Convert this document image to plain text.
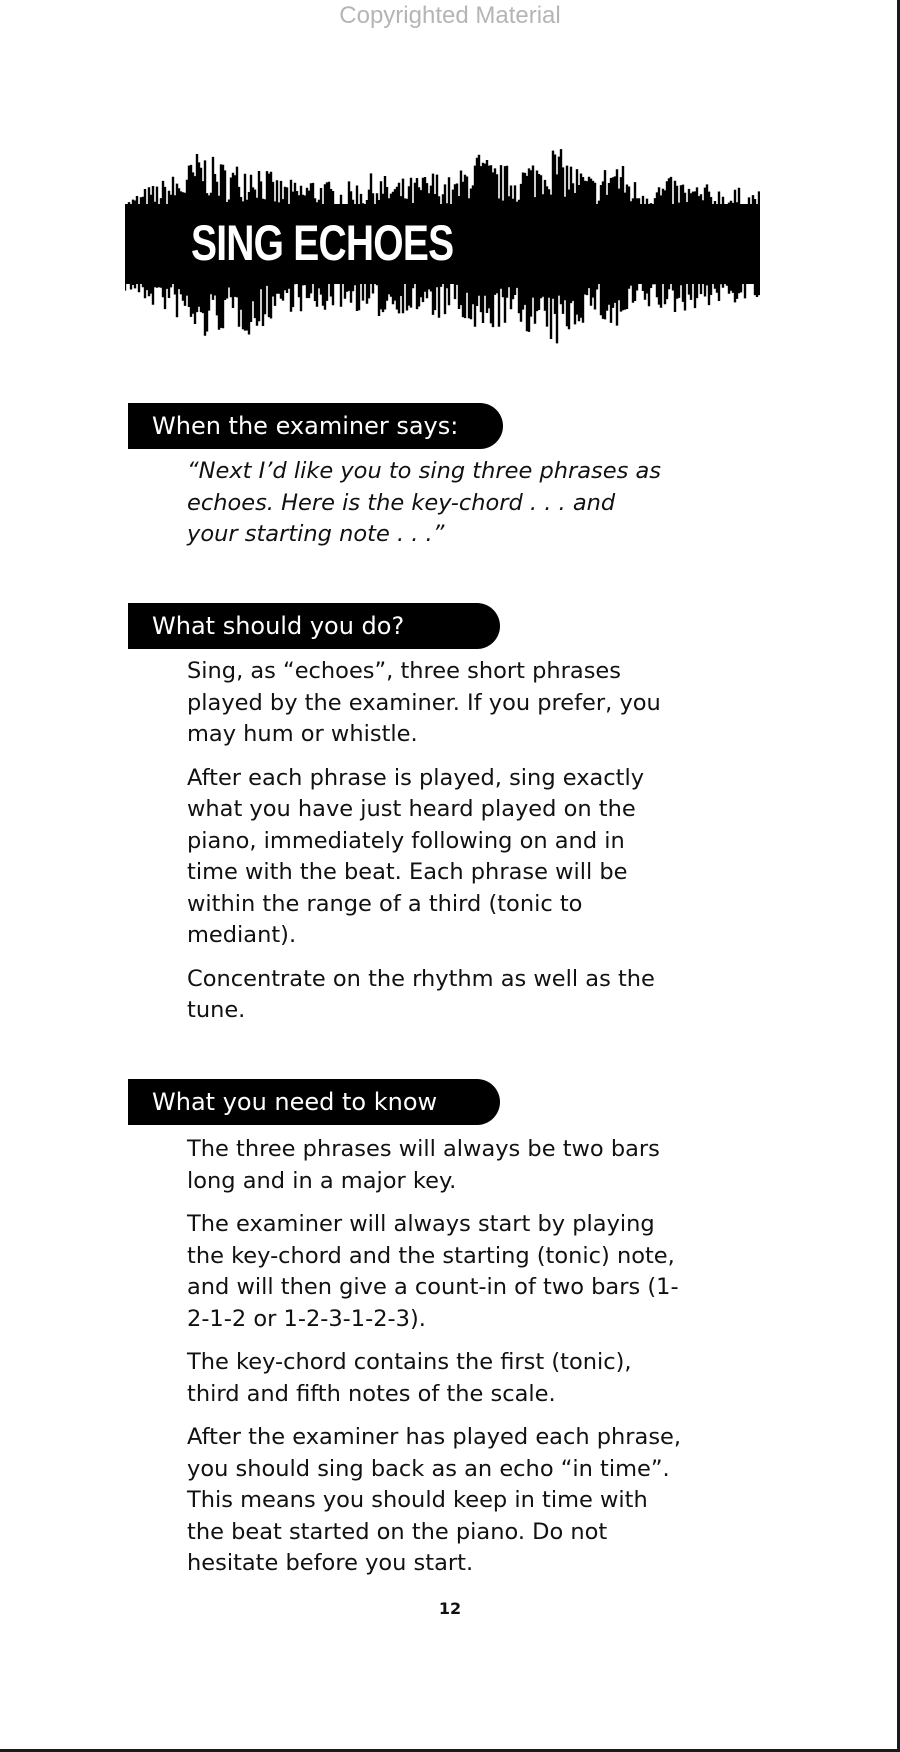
Copyrighted Material
SING ECHOES
When the examiner says:

“Next I’d like you to sing three phrases as echoes. Here is the key-chord . . . and your starting note . . .”

What should you do?

Sing, as “echoes”, three short phrases played by the examiner. If you prefer, you may hum or whistle.

After each phrase is played, sing exactly what you have just heard played on the piano, immediately following on and in time with the beat. Each phrase will be within the range of a third (tonic to mediant).

Concentrate on the rhythm as well as the tune.

What you need to know

The three phrases will always be two bars long and in a major key.

The examiner will always start by playing the key-chord and the starting (tonic) note, and will then give a count-in of two bars (1-2-1-2 or 1-2-3-1-2-3).

The key-chord contains the first (tonic), third and fifth notes of the scale.

After the examiner has played each phrase, you should sing back as an echo “in time”. This means you should keep in time with the beat started on the piano. Do not hesitate before you start.

12
